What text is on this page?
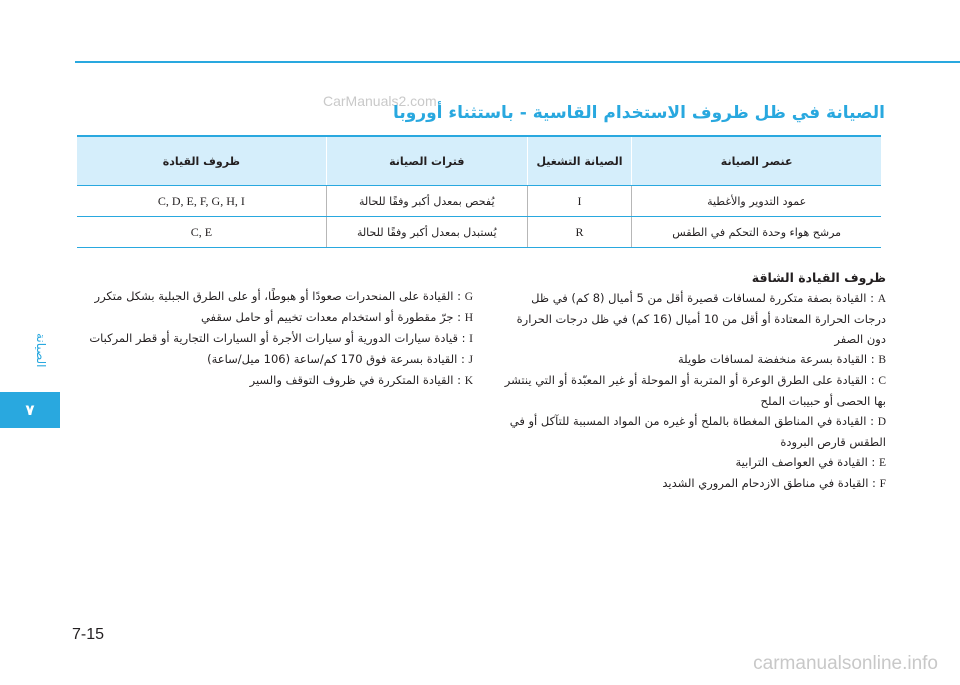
الصيانة
٧
CarManuals2.com
الصيانة في ظل ظروف الاستخدام القاسية - باستثناء أوروبا
عنصر الصيانة	الصيانة التشغيل	فترات الصيانة	ظروف القيادة
عمود التدوير والأغطية	I	يُفحص بمعدل أكبر وفقًا للحالة	C, D, E, F, G, H, I
مرشح هواء وحدة التحكم في الطقس	R	يُستبدل بمعدل أكبر وفقًا للحالة	C, E
ظروف القيادة الشاقة

A : القيادة بصفة متكررة لمسافات قصيرة أقل من 5 أميال (8 كم) في ظل درجات الحرارة المعتادة أو أقل من 10 أميال (16 كم) في ظل درجات الحرارة دون الصفر

B : القيادة بسرعة منخفضة لمسافات طويلة

C : القيادة على الطرق الوعرة أو المتربة أو الموحلة أو غير المعبّدة أو التي ينتشر بها الحصى أو حبيبات الملح

D : القيادة في المناطق المغطاة بالملح أو غيره من المواد المسببة للتآكل أو في الطقس قارص البرودة

E : القيادة في العواصف الترابية

F : القيادة في مناطق الازدحام المروري الشديد

G : القيادة على المنحدرات صعودًا أو هبوطًا، أو على الطرق الجبلية بشكل متكرر

H : جرّ مقطورة أو استخدام معدات تخييم أو حامل سقفي

I : قيادة سيارات الدورية أو سيارات الأجرة أو السيارات التجارية أو قطر المركبات

J : القيادة بسرعة فوق 170 كم/ساعة (106 ميل/ساعة)

K : القيادة المتكررة في ظروف التوقف والسير

7-15
carmanualsonline.info
